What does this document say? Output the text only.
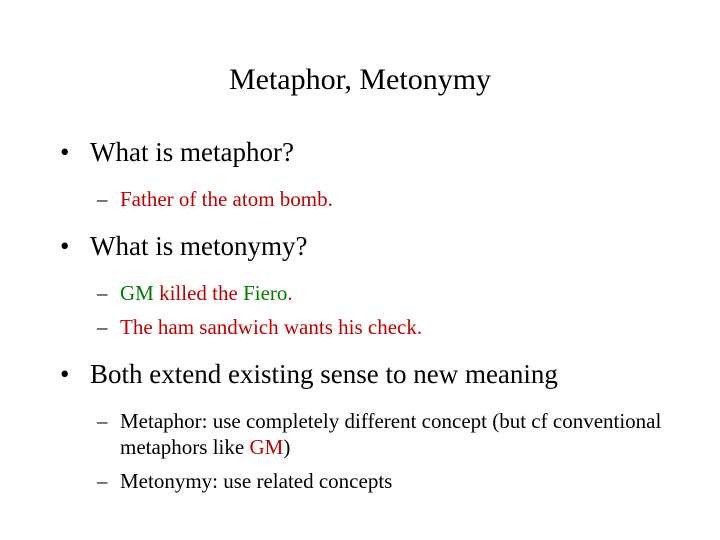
Metaphor, Metonymy
• What is metaphor?
– Father of the atom bomb.
• What is metonymy?
– GM killed the Fiero.
– The ham sandwich wants his check.
• Both extend existing sense to new meaning
– Metaphor: use completely different concept (but cf conventional metaphors like GM)
– Metonymy: use related concepts
